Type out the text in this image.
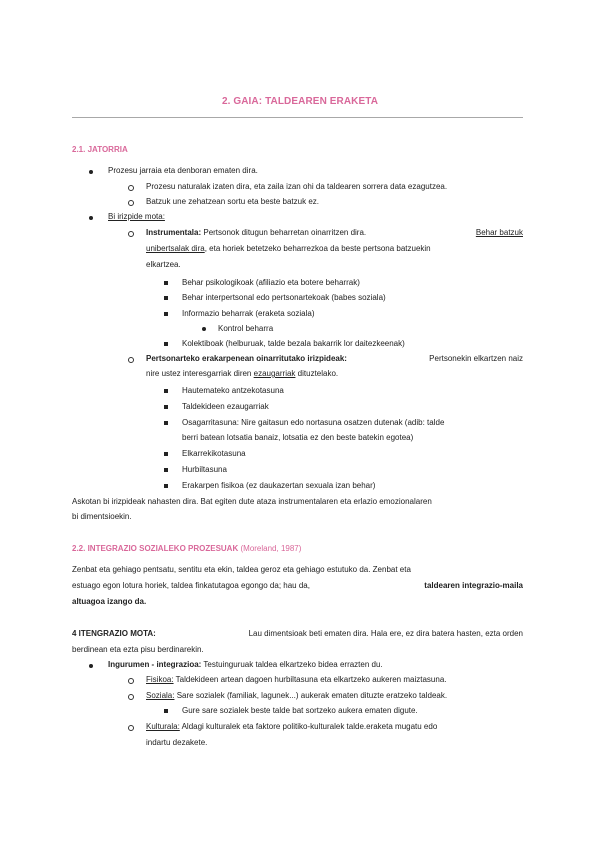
2. GAIA: TALDEAREN ERAKETA
2.1. JATORRIA
Prozesu jarraia eta denboran ematen dira.
Prozesu naturalak izaten dira, eta zaila izan ohi da taldearen sorrera data ezagutzea.
Batzuk une zehatzean sortu eta beste batzuk ez.
Bi irizpide mota:
Instrumentala: Pertsonok ditugun beharretan oinarritzen dira.	Behar batzuk
unibertsalak dira, eta horiek betetzeko beharrezkoa da beste pertsona batzuekin
elkartzea.
Behar psikologikoak (afiliazio eta botere beharrak)
Behar interpertsonal edo pertsonartekoak (babes soziala)
Informazio beharrak (eraketa soziala)
Kontrol beharra
Kolektiboak (helburuak, talde bezala bakarrik lor daitezkeenak)
Pertsonarteko erakarpenean oinarritutako irizpideak:	Pertsonekin elkartzen naiz
nire ustez interesgarriak diren ezaugarriak dituztelako.
Hautemateko antzekotasuna
Taldekideen ezaugarriak
Osagarritasuna: Nire gaitasun edo nortasuna osatzen dutenak (adib: talde
berri batean lotsatia banaiz, lotsatia ez den beste batekin egotea)
Elkarrekikotasuna
Hurbiltasuna
Erakarpen fisikoa (ez daukazertan sexuala izan behar)
Askotan bi irizpideak nahasten dira. Bat egiten dute ataza instrumentalaren eta erlazio emozionalaren
bi dimentsioekin.
2.2. INTEGRAZIO SOZIALEKO PROZESUAK (Moreland, 1987)
Zenbat eta gehiago pentsatu, sentitu eta ekin, taldea geroz eta gehiago estutuko da. Zenbat eta
estuago egon lotura horiek, taldea finkatutagoa egongo da; hau da,	taldearen integrazio-maila
altuagoa izango da.
4 ITENGRAZIO MOTA:	Lau dimentsioak beti ematen dira. Hala ere, ez dira batera hasten, ezta orden
berdinean eta ezta pisu berdinarekin.
Ingurumen - integrazioa: Testuinguruak taldea elkartzeko bidea errazten du.
Fisikoa: Taldekideen artean dagoen hurbiltasuna eta elkartzeko aukeren maiztasuna.
Soziala: Sare sozialek (familiak, lagunek...) aukerak ematen dituzte eratzeko taldeak.
Gure sare sozialek beste talde bat sortzeko aukera ematen digute.
Kulturala: Aldagi kulturalek eta faktore politiko-kulturalek talde.eraketa mugatu edo
indartu dezakete.
